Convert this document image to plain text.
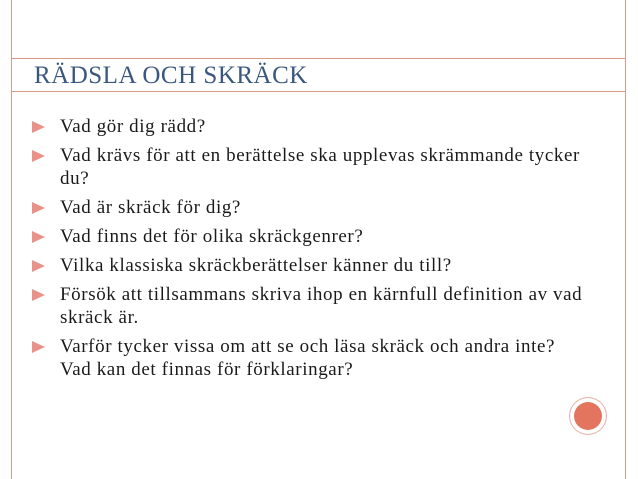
RÄDSLA OCH SKRÄCK
Vad gör dig rädd?
Vad krävs för att en berättelse ska upplevas skrämmande tycker du?
Vad är skräck för dig?
Vad finns det för olika skräckgenrer?
Vilka klassiska skräckberättelser känner du till?
Försök att tillsammans skriva ihop en kärnfull definition av vad skräck är.
Varför tycker vissa om att se och läsa skräck och andra inte? Vad kan det finnas för förklaringar?
